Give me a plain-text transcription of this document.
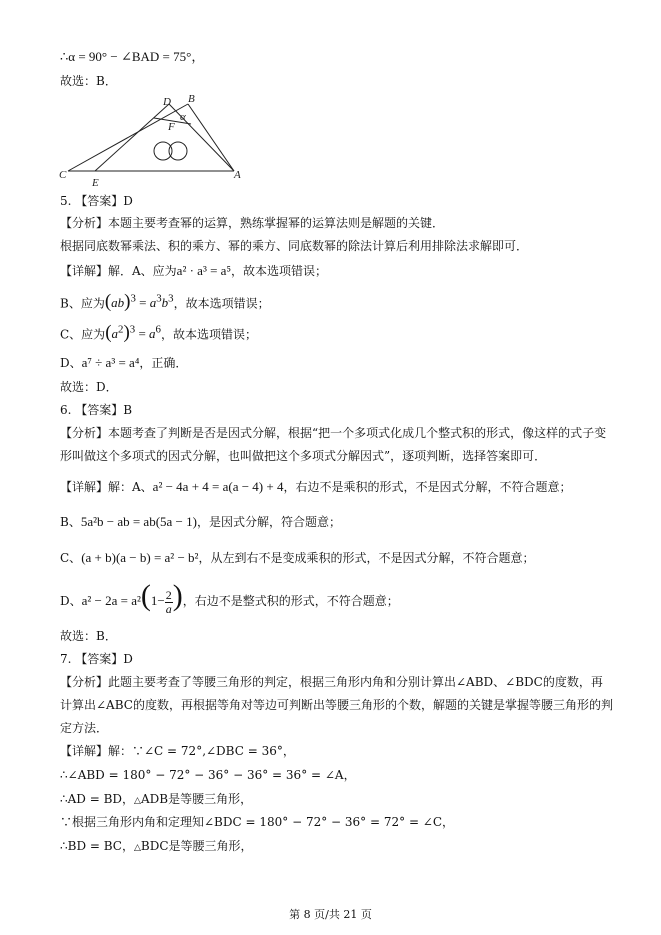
∴α = 90° − ∠BAD = 75°，
故选：B．
D B
α
F
C
E
A
5. 【答案】D
【分析】本题主要考查幂的运算，熟练掌握幂的运算法则是解题的关键．
根据同底数幂乘法、积的乘方、幂的乘方、同底数幂的除法计算后利用排除法求解即可．
【详解】解．A、应为a² · a³ = a⁵，故本选项错误；
B、应为$(ab)^3 = a^3b^3$，故本选项错误；
C、应为$(a^2)^3 = a^6$，故本选项错误；
D、a⁷ ÷ a³ = a⁴，正确．
故选：D．
6. 【答案】B
【分析】本题考查了判断是否是因式分解，根据“把一个多项式化成几个整式积的形式，像这样的式子变
形叫做这个多项式的因式分解，也叫做把这个多项式分解因式”，逐项判断，选择答案即可．
【详解】解：A、a² − 4a + 4 = a(a − 4) + 4，右边不是乘积的形式，不是因式分解，不符合题意；
B、5a²b − ab = ab(5a − 1)，是因式分解，符合题意；
C、(a + b)(a − b) = a² − b²，从左到右不是变成乘积的形式，不是因式分解，不符合题意；
D、$a^2 - 2a = a^2(1- \frac{2}{a}$ )，右边不是整式积的形式，不符合题意；
故选：B．
7. 【答案】D
【分析】此题主要考查了等腰三角形的判定，根据三角形内角和分别计算出∠ABD、∠BDC的度数，再
计算出∠ABC的度数，再根据等角对等边可判断出等腰三角形的个数，解题的关键是掌握等腰三角形的判
定方法．
【详解】解：∵∠C = 72°,∠DBC = 36°，
∴∠ABD = 180° − 72° − 36° − 36° = 36° = ∠A，
∴AD = BD，△ADB是等腰三角形，
∵根据三角形内角和定理知∠BDC = 180° − 72° − 36° = 72° = ∠C，
∴BD = BC，△BDC是等腰三角形，
第 8 页/共 21 页
